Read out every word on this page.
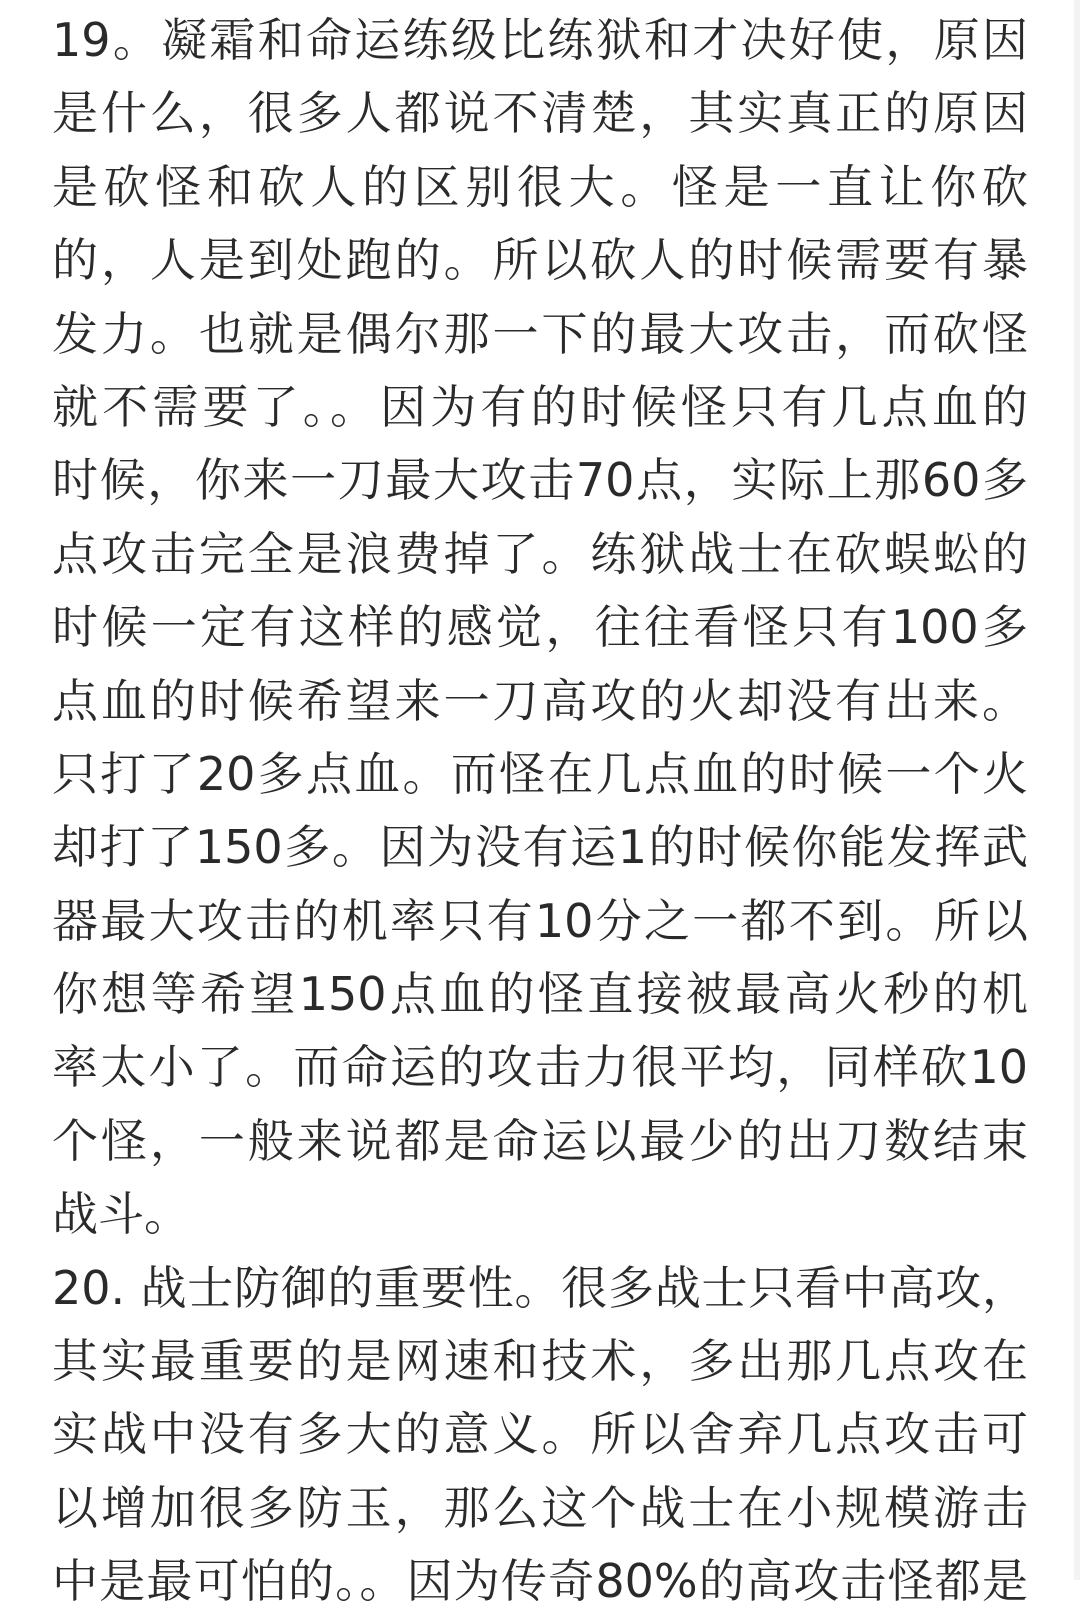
19。凝霜和命运练级比练狱和才决好使，原因
是什么，很多人都说不清楚，其实真正的原因
是砍怪和砍人的区别很大。怪是一直让你砍
的，人是到处跑的。所以砍人的时候需要有暴
发力。也就是偶尔那一下的最大攻击，而砍怪
就不需要了。。因为有的时候怪只有几点血的
时候，你来一刀最大攻击70点，实际上那60多
点攻击完全是浪费掉了。练狱战士在砍蜈蚣的
时候一定有这样的感觉，往往看怪只有100多
点血的时候希望来一刀高攻的火却没有出来。
只打了20多点血。而怪在几点血的时候一个火
却打了150多。因为没有运1的时候你能发挥武
器最大攻击的机率只有10分之一都不到。所以
你想等希望150点血的怪直接被最高火秒的机
率太小了。而命运的攻击力很平均，同样砍10
个怪，一般来说都是命运以最少的出刀数结束
战斗。
20. 战士防御的重要性。很多战士只看中高攻，
其实最重要的是网速和技术，多出那几点攻在
实战中没有多大的意义。所以舍弃几点攻击可
以增加很多防玉，那么这个战士在小规模游击
中是最可怕的。。因为传奇80%的高攻击怪都是
